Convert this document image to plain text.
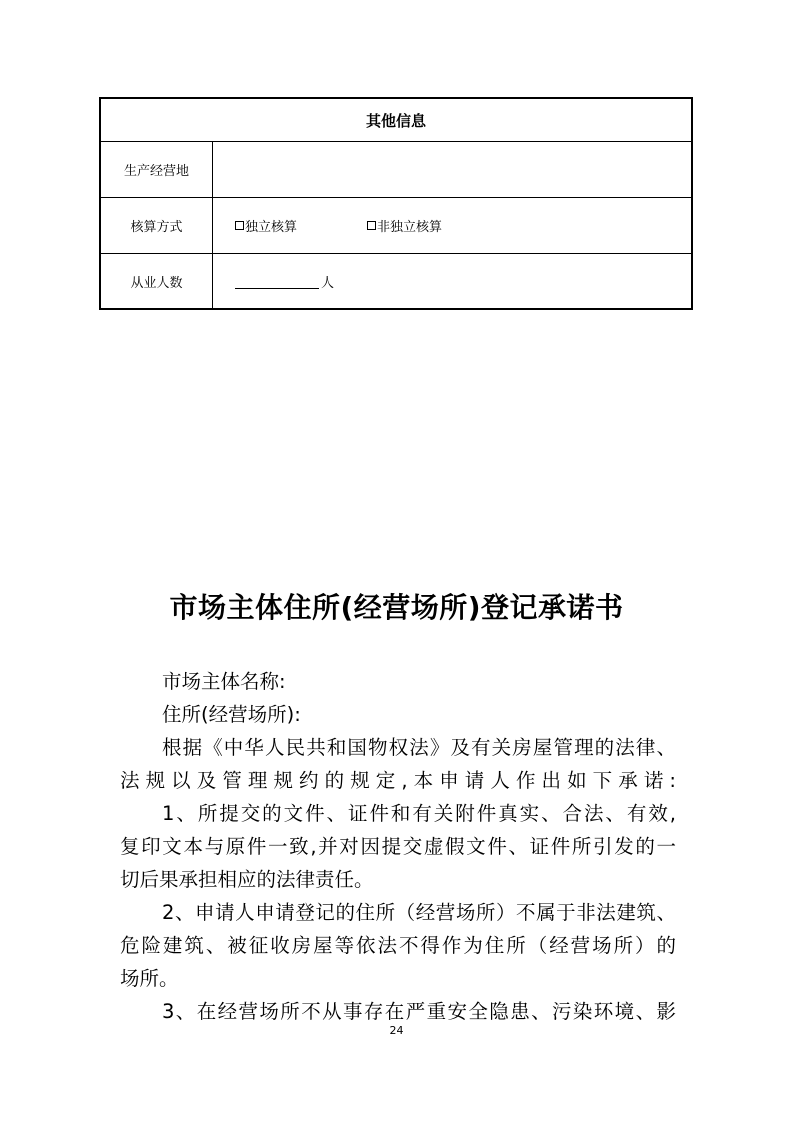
其他信息
生产经营地
核算方式	独立核算	非独立核算
从业人数	人
市场主体住所(经营场所)登记承诺书
市场主体名称:
住所(经营场所):
根据《中华人民共和国物权法》及有关房屋管理的法律、
法规以及管理规约的规定,本申请人作出如下承诺:
1、所提交的文件、证件和有关附件真实、合法、有效,
复印文本与原件一致,并对因提交虚假文件、证件所引发的一
切后果承担相应的法律责任。
2、申请人申请登记的住所（经营场所）不属于非法建筑、
危险建筑、被征收房屋等依法不得作为住所（经营场所）的
场所。
3、在经营场所不从事存在严重安全隐患、污染环境、影
24
